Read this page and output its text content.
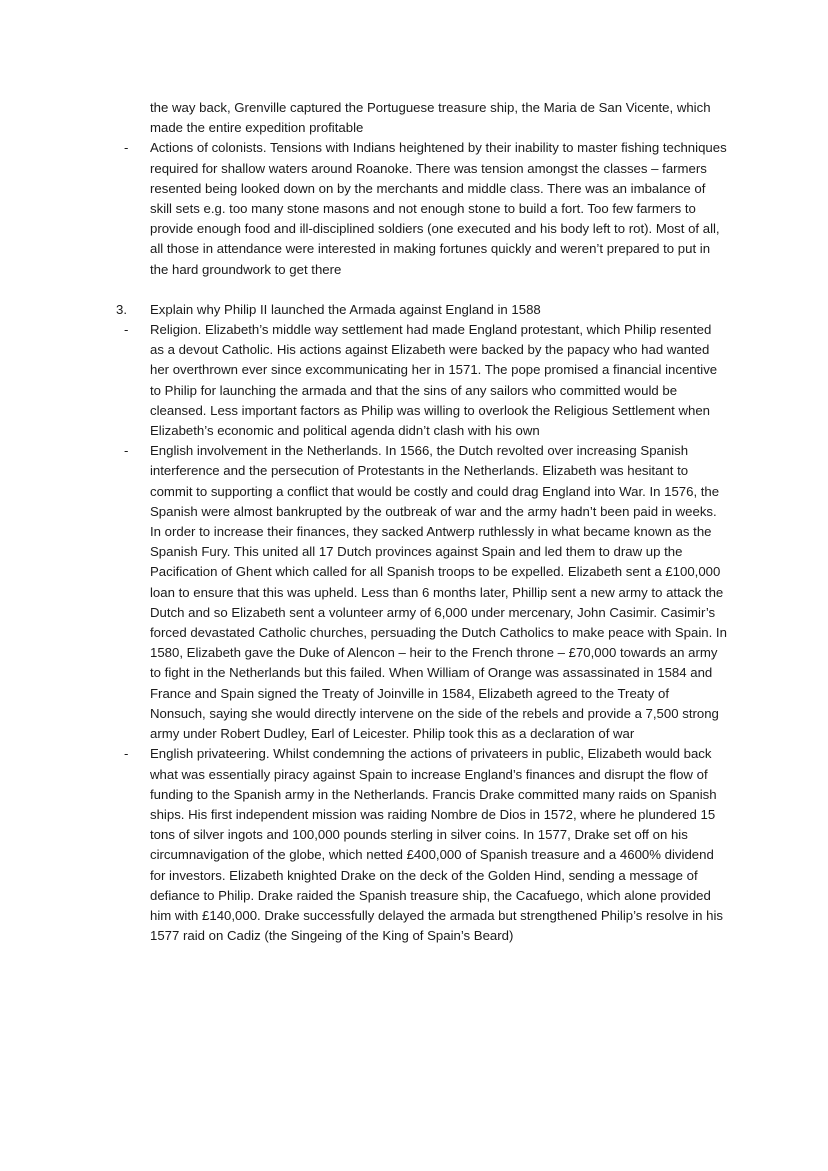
the way back, Grenville captured the Portuguese treasure ship, the Maria de San Vicente, which made the entire expedition profitable
-	Actions of colonists. Tensions with Indians heightened by their inability to master fishing techniques required for shallow waters around Roanoke. There was tension amongst the classes – farmers resented being looked down on by the merchants and middle class. There was an imbalance of skill sets e.g. too many stone masons and not enough stone to build a fort. Too few farmers to provide enough food and ill-disciplined soldiers (one executed and his body left to rot). Most of all, all those in attendance were interested in making fortunes quickly and weren’t prepared to put in the hard groundwork to get there
3.	Explain why Philip II launched the Armada against England in 1588
-	Religion. Elizabeth’s middle way settlement had made England protestant, which Philip resented as a devout Catholic. His actions against Elizabeth were backed by the papacy who had wanted her overthrown ever since excommunicating her in 1571. The pope promised a financial incentive to Philip for launching the armada and that the sins of any sailors who committed would be cleansed. Less important factors as Philip was willing to overlook the Religious Settlement when Elizabeth’s economic and political agenda didn’t clash with his own
-	English involvement in the Netherlands. In 1566, the Dutch revolted over increasing Spanish interference and the persecution of Protestants in the Netherlands. Elizabeth was hesitant to commit to supporting a conflict that would be costly and could drag England into War. In 1576, the Spanish were almost bankrupted by the outbreak of war and the army hadn’t been paid in weeks. In order to increase their finances, they sacked Antwerp ruthlessly in what became known as the Spanish Fury. This united all 17 Dutch provinces against Spain and led them to draw up the Pacification of Ghent which called for all Spanish troops to be expelled. Elizabeth sent a £100,000 loan to ensure that this was upheld. Less than 6 months later, Phillip sent a new army to attack the Dutch and so Elizabeth sent a volunteer army of 6,000 under mercenary, John Casimir. Casimir’s forced devastated Catholic churches, persuading the Dutch Catholics to make peace with Spain. In 1580, Elizabeth gave the Duke of Alencon – heir to the French throne – £70,000 towards an army to fight in the Netherlands but this failed. When William of Orange was assassinated in 1584 and France and Spain signed the Treaty of Joinville in 1584, Elizabeth agreed to the Treaty of Nonsuch, saying she would directly intervene on the side of the rebels and provide a 7,500 strong army under Robert Dudley, Earl of Leicester. Philip took this as a declaration of war
-	English privateering. Whilst condemning the actions of privateers in public, Elizabeth would back what was essentially piracy against Spain to increase England’s finances and disrupt the flow of funding to the Spanish army in the Netherlands. Francis Drake committed many raids on Spanish ships. His first independent mission was raiding Nombre de Dios in 1572, where he plundered 15 tons of silver ingots and 100,000 pounds sterling in silver coins. In 1577, Drake set off on his circumnavigation of the globe, which netted £400,000 of Spanish treasure and a 4600% dividend for investors. Elizabeth knighted Drake on the deck of the Golden Hind, sending a message of defiance to Philip. Drake raided the Spanish treasure ship, the Cacafuego, which alone provided him with £140,000. Drake successfully delayed the armada but strengthened Philip’s resolve in his 1577 raid on Cadiz (the Singeing of the King of Spain’s Beard)
